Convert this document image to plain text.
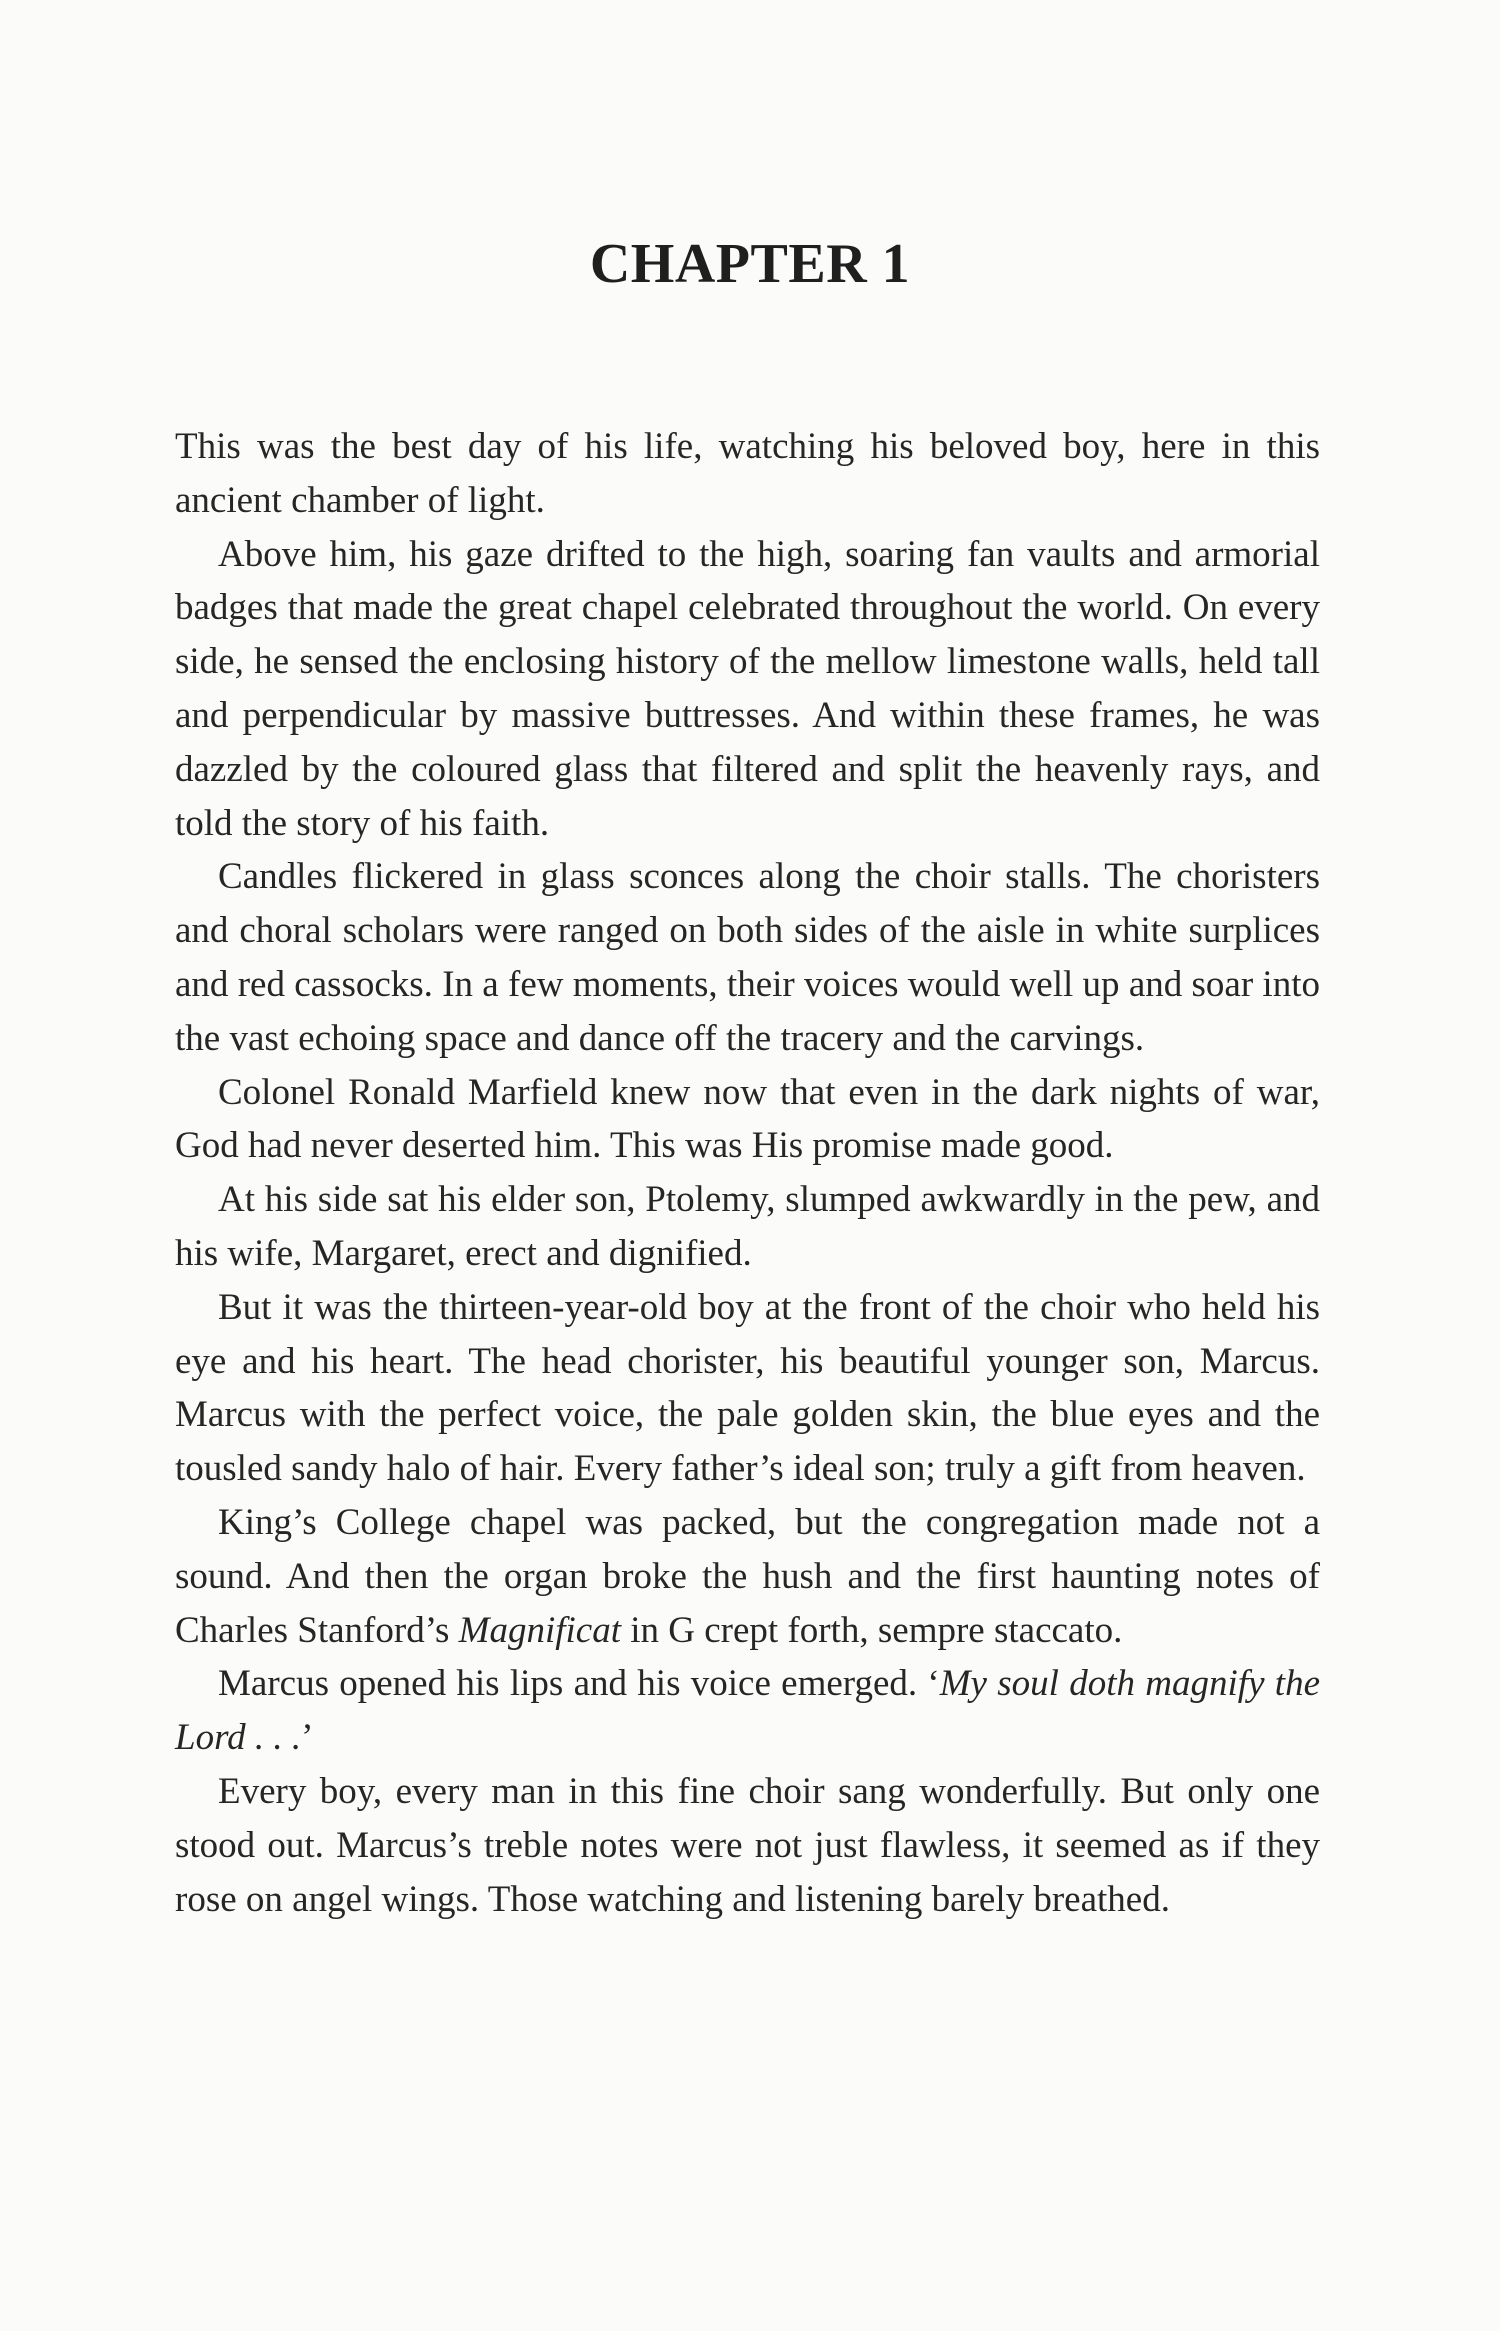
CHAPTER 1

This was the best day of his life, watching his beloved boy, here in this ancient chamber of light.

Above him, his gaze drifted to the high, soaring fan vaults and armorial badges that made the great chapel celebrated throughout the world. On every side, he sensed the enclosing history of the mellow limestone walls, held tall and perpendicular by massive buttresses. And within these frames, he was dazzled by the coloured glass that filtered and split the heavenly rays, and told the story of his faith.

Candles flickered in glass sconces along the choir stalls. The choristers and choral scholars were ranged on both sides of the aisle in white surplices and red cassocks. In a few moments, their voices would well up and soar into the vast echoing space and dance off the tracery and the carvings.

Colonel Ronald Marfield knew now that even in the dark nights of war, God had never deserted him. This was His promise made good.

At his side sat his elder son, Ptolemy, slumped awkwardly in the pew, and his wife, Margaret, erect and dignified.

But it was the thirteen-year-old boy at the front of the choir who held his eye and his heart. The head chorister, his beautiful younger son, Marcus. Marcus with the perfect voice, the pale golden skin, the blue eyes and the tousled sandy halo of hair. Every father’s ideal son; truly a gift from heaven.

King’s College chapel was packed, but the congregation made not a sound. And then the organ broke the hush and the first haunting notes of Charles Stanford’s Magnificat in G crept forth, sempre staccato.

Marcus opened his lips and his voice emerged. ‘My soul doth magnify the Lord . . .’

Every boy, every man in this fine choir sang wonderfully. But only one stood out. Marcus’s treble notes were not just flawless, it seemed as if they rose on angel wings. Those watching and listening barely breathed.
